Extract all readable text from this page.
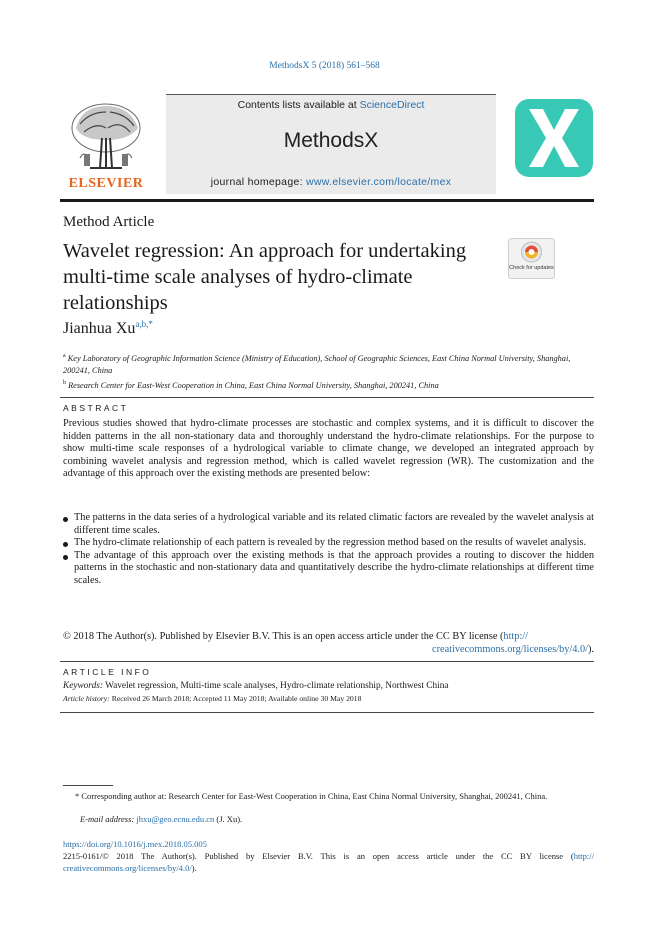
MethodsX 5 (2018) 561–568
ELSEVIER
Contents lists available at ScienceDirect
MethodsX
journal homepage: www.elsevier.com/locate/mex
Method Article
Wavelet regression: An approach for undertaking multi-time scale analyses of hydro-climate relationships
Check for updates
Jianhua $Xu^{a,b,*}$
$^a$ Key Laboratory of Geographic Information Science (Ministry of Education), School of Geographic Sciences, East China Normal University, Shanghai, 200241, China
$^b$ Research Center for East-West Cooperation in China, East China Normal University, Shanghai, 200241, China
ABSTRACT
Previous studies showed that hydro-climate processes are stochastic and complex systems, and it is difficult to discover the hidden patterns in the all non-stationary data and thoroughly understand the hydro-climate relationships. For the purpose to show multi-time scale responses of a hydrological variable to climate change, we developed an integrated approach by combining wavelet analysis and regression method, which is called wavelet regression (WR). The customization and the advantage of this approach over the existing methods are presented below:
The patterns in the data series of a hydrological variable and its related climatic factors are revealed by the wavelet analysis at different time scales.
The hydro-climate relationship of each pattern is revealed by the regression method based on the results of wavelet analysis.
The advantage of this approach over the existing methods is that the approach provides a routing to discover the hidden patterns in the stochastic and non-stationary data and quantitatively describe the hydro-climate relationships at different time scales.
© 2018 The Author(s). Published by Elsevier B.V. This is an open access article under the CC BY license (http://
creativecommons.org/licenses/by/4.0/).
ARTICLE INFO
Keywords: Wavelet regression, Multi-time scale analyses, Hydro-climate relationship, Northwest China
Article history: Received 26 March 2018; Accepted 11 May 2018; Available online 30 May 2018
* Corresponding author at: Research Center for East-West Cooperation in China, East China Normal University, Shanghai, 200241, China.
E-mail address: jhxu@geo.ecnu.edu.cn (J. Xu).
https://doi.org/10.1016/j.mex.2018.05.005
2215-0161/© 2018 The Author(s). Published by Elsevier B.V. This is an open access article under the CC BY license (http:// creativecommons.org/licenses/by/4.0/).
